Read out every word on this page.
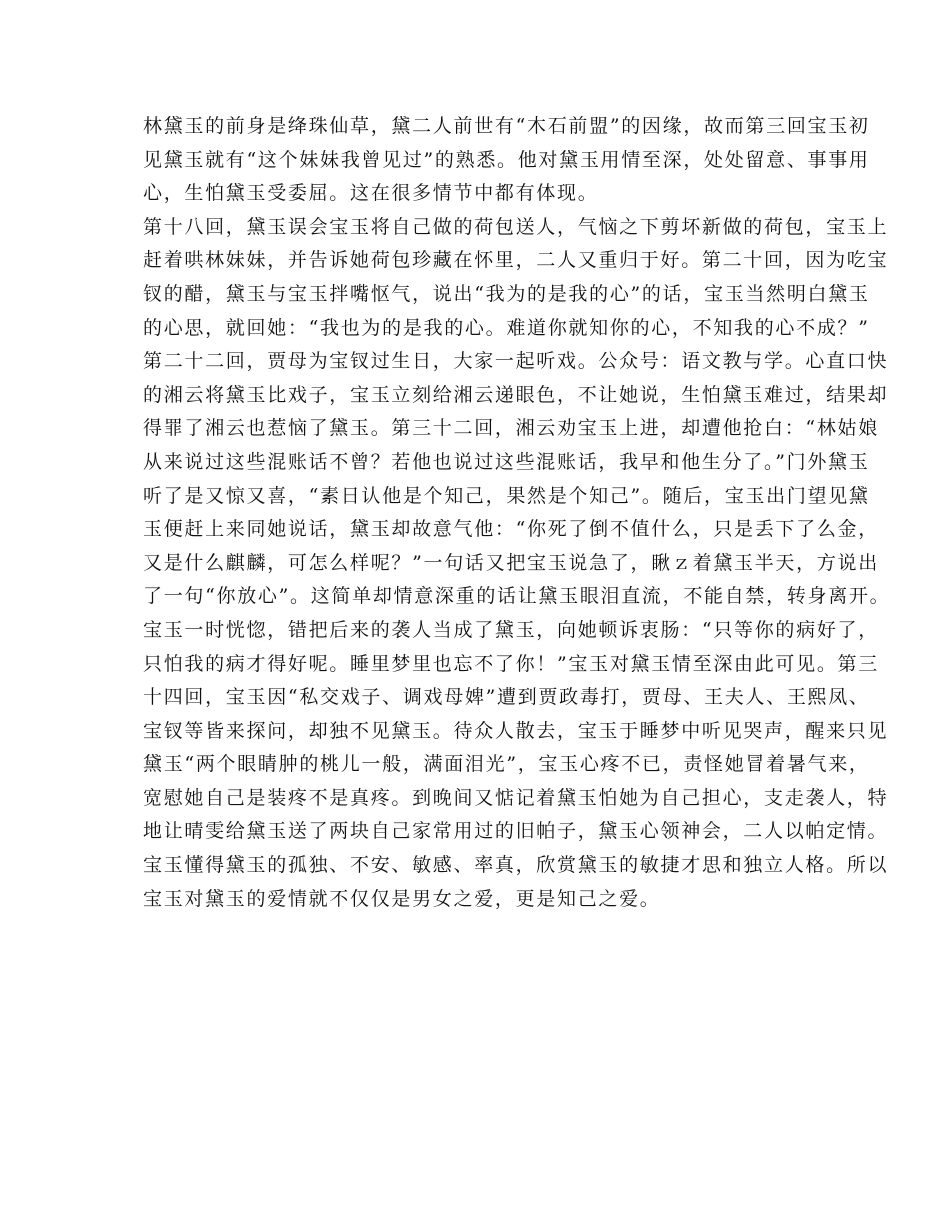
林黛玉的前身是绛珠仙草，黛二人前世有“木石前盟”的因缘，故而第三回宝玉初
见黛玉就有“这个妹妹我曾见过”的熟悉。他对黛玉用情至深，处处留意、事事用
心，生怕黛玉受委屈。这在很多情节中都有体现。
第十八回，黛玉误会宝玉将自己做的荷包送人，气恼之下剪坏新做的荷包，宝玉上
赶着哄林妹妹，并告诉她荷包珍藏在怀里，二人又重归于好。第二十回，因为吃宝
钗的醋，黛玉与宝玉拌嘴怄气，说出“我为的是我的心”的话，宝玉当然明白黛玉
的心思，就回她：“我也为的是我的心。难道你就知你的心，不知我的心不成？”
第二十二回，贾母为宝钗过生日，大家一起听戏。公众号：语文教与学。心直口快
的湘云将黛玉比戏子，宝玉立刻给湘云递眼色，不让她说，生怕黛玉难过，结果却
得罪了湘云也惹恼了黛玉。第三十二回，湘云劝宝玉上进，却遭他抢白：“林姑娘
从来说过这些混账话不曾？若他也说过这些混账话，我早和他生分了。”门外黛玉
听了是又惊又喜，“素日认他是个知己，果然是个知己”。随后，宝玉出门望见黛
玉便赶上来同她说话，黛玉却故意气他：“你死了倒不值什么，只是丢下了么金，
又是什么麒麟，可怎么样呢？”一句话又把宝玉说急了，瞅ｚ着黛玉半天，方说出
了一句“你放心”。这简单却情意深重的话让黛玉眼泪直流，不能自禁，转身离开。
宝玉一时恍惚，错把后来的袭人当成了黛玉，向她顿诉衷肠：“只等你的病好了，
只怕我的病才得好呢。睡里梦里也忘不了你！”宝玉对黛玉情至深由此可见。第三
十四回，宝玉因“私交戏子、调戏母婢”遭到贾政毒打，贾母、王夫人、王熙凤、
宝钗等皆来探问，却独不见黛玉。待众人散去，宝玉于睡梦中听见哭声，醒来只见
黛玉“两个眼睛肿的桃儿一般，满面泪光”，宝玉心疼不已，责怪她冒着暑气来，
宽慰她自己是装疼不是真疼。到晚间又惦记着黛玉怕她为自己担心，支走袭人，特
地让晴雯给黛玉送了两块自己家常用过的旧帕子，黛玉心领神会，二人以帕定情。
宝玉懂得黛玉的孤独、不安、敏感、率真，欣赏黛玉的敏捷才思和独立人格。所以
宝玉对黛玉的爱情就不仅仅是男女之爱，更是知己之爱。
